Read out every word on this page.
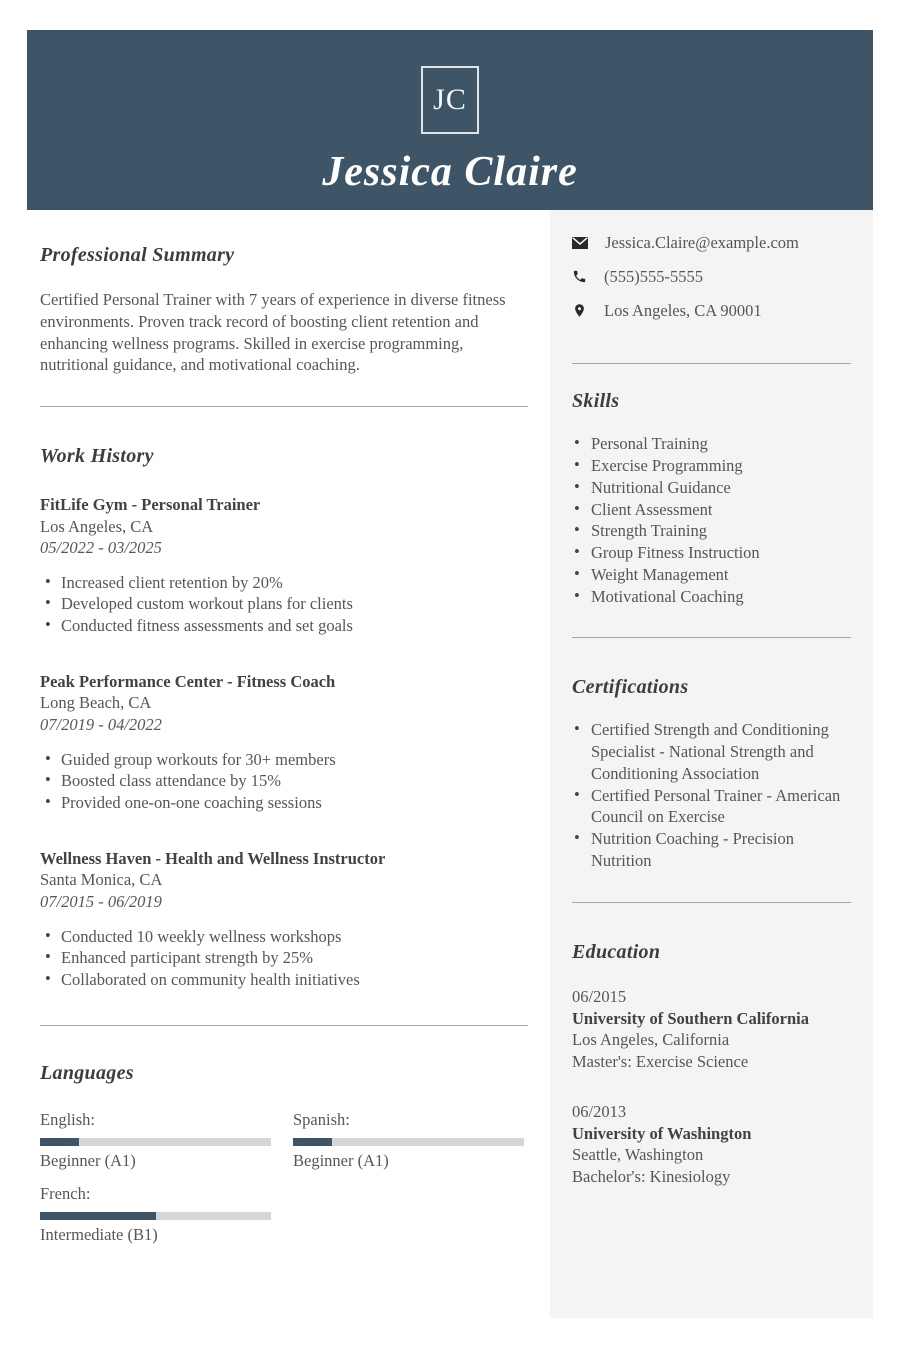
JC
Jessica Claire
Professional Summary

Certified Personal Trainer with 7 years of experience in diverse fitness environments. Proven track record of boosting client retention and enhancing wellness programs. Skilled in exercise programming, nutritional guidance, and motivational coaching.

Work History
FitLife Gym - Personal Trainer
Los Angeles, CA
05/2022 - 03/2025
• Increased client retention by 20%
• Developed custom workout plans for clients
• Conducted fitness assessments and set goals
Peak Performance Center - Fitness Coach
Long Beach, CA
07/2019 - 04/2022
• Guided group workouts for 30+ members
• Boosted class attendance by 15%
• Provided one-on-one coaching sessions
Wellness Haven - Health and Wellness Instructor
Santa Monica, CA
07/2015 - 06/2019
• Conducted 10 weekly wellness workshops
• Enhanced participant strength by 25%
• Collaborated on community health initiatives
Languages
English:
Beginner (A1)
Spanish:
Beginner (A1)
French:
Intermediate (B1)
Jessica.Claire@example.com
(555)555-5555
Los Angeles, CA 90001
Skills
• Personal Training
• Exercise Programming
• Nutritional Guidance
• Client Assessment
• Strength Training
• Group Fitness Instruction
• Weight Management
• Motivational Coaching
Certifications
• Certified Strength and Conditioning Specialist - National Strength and Conditioning Association
• Certified Personal Trainer - American Council on Exercise
• Nutrition Coaching - Precision Nutrition
Education
06/2015
University of Southern California
Los Angeles, California
Master's: Exercise Science
06/2013
University of Washington
Seattle, Washington
Bachelor's: Kinesiology
